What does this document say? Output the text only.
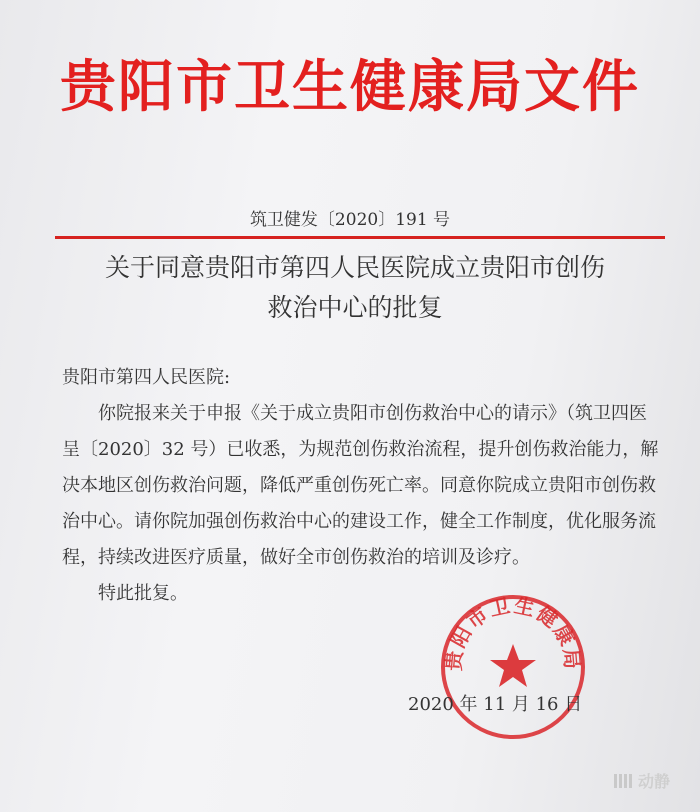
贵阳市卫生健康局文件
筑卫健发〔2020〕191 号
关于同意贵阳市第四人民医院成立贵阳市创伤
救治中心的批复

贵阳市第四人民医院:

你院报来关于申报《关于成立贵阳市创伤救治中心的请示》（筑卫四医呈〔2020〕32 号）已收悉，为规范创伤救治流程，提升创伤救治能力，解决本地区创伤救治问题，降低严重创伤死亡率。同意你院成立贵阳市创伤救治中心。请你院加强创伤救治中心的建设工作，健全工作制度，优化服务流程，持续改进医疗质量，做好全市创伤救治的培训及诊疗。

特此批复。

贵阳市卫生健康局
2020 年 11 月 16 日
动静
